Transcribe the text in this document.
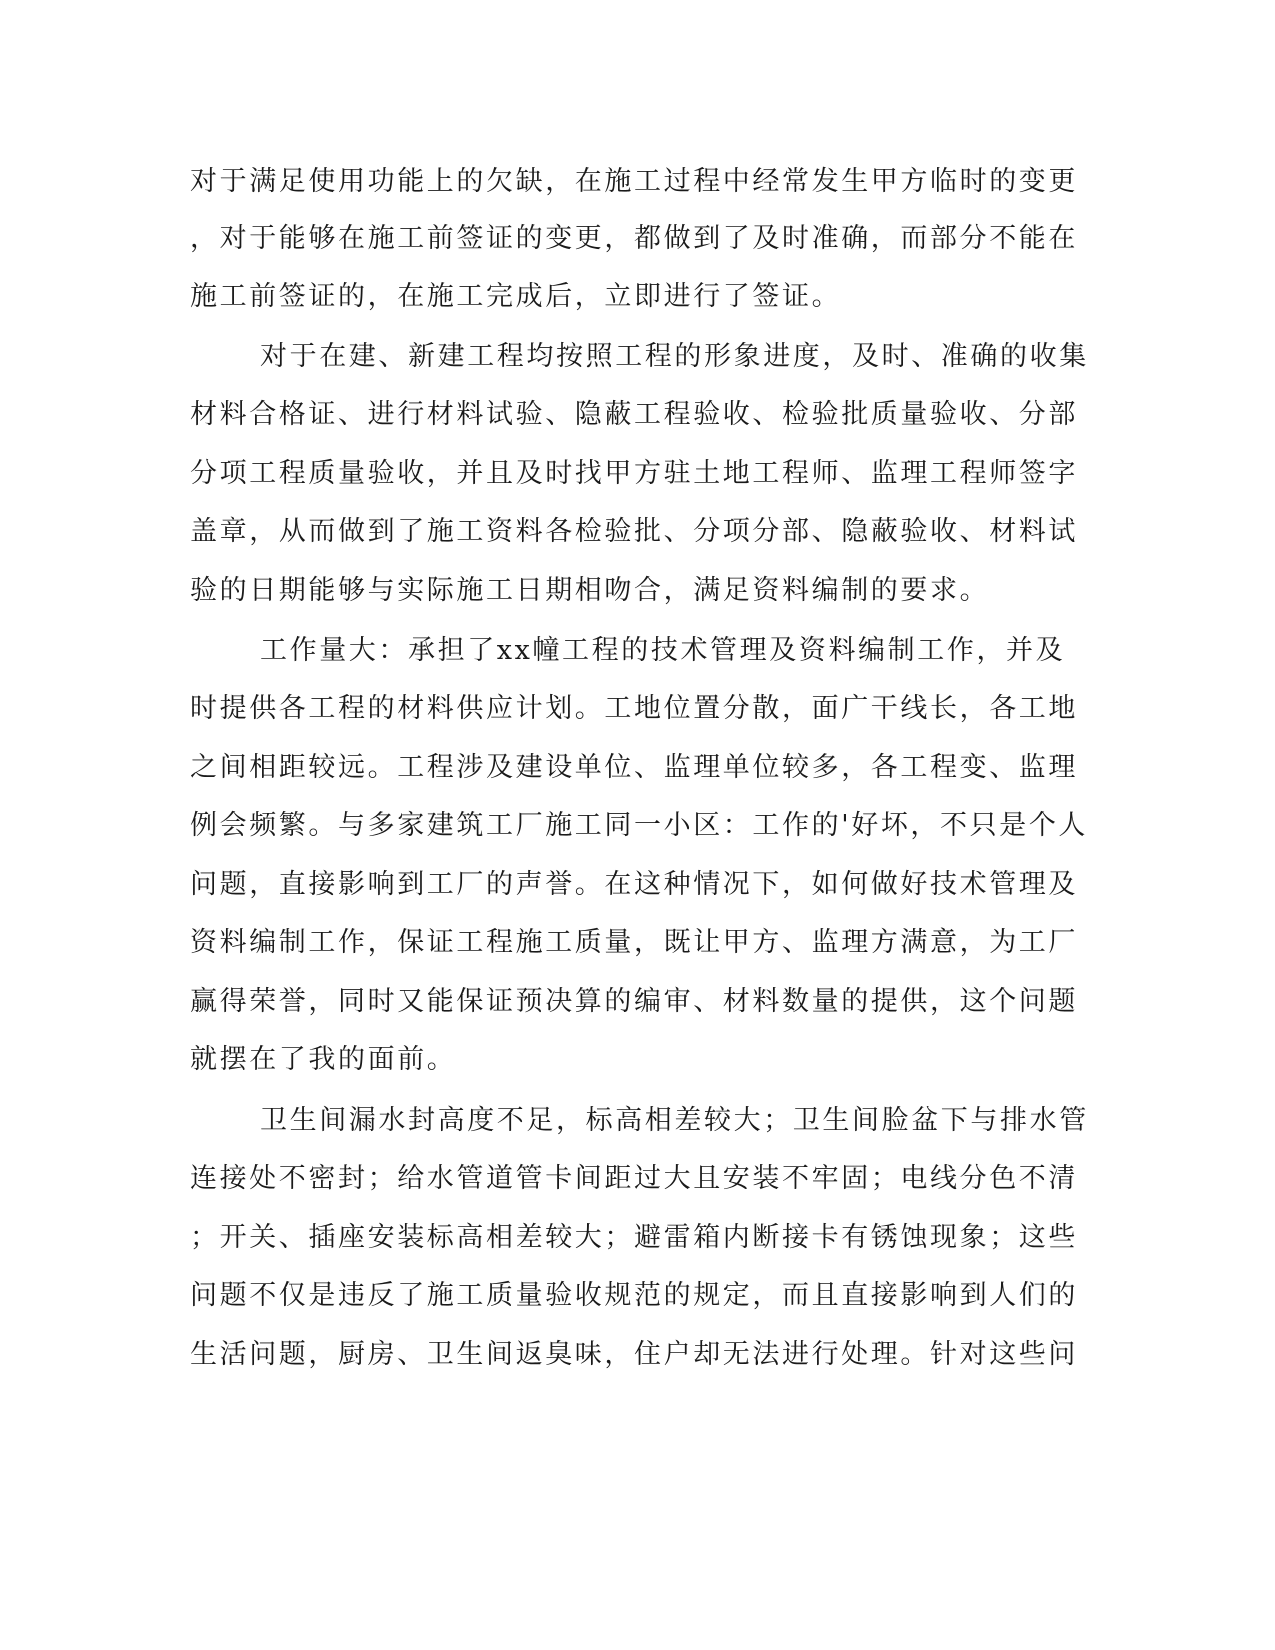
对于满足使用功能上的欠缺，在施工过程中经常发生甲方临时的变更
，对于能够在施工前签证的变更，都做到了及时准确，而部分不能在
施工前签证的，在施工完成后，立即进行了签证。
对于在建、新建工程均按照工程的形象进度，及时、准确的收集
材料合格证、进行材料试验、隐蔽工程验收、检验批质量验收、分部
分项工程质量验收，并且及时找甲方驻土地工程师、监理工程师签字
盖章，从而做到了施工资料各检验批、分项分部、隐蔽验收、材料试
验的日期能够与实际施工日期相吻合，满足资料编制的要求。
工作量大：承担了xx幢工程的技术管理及资料编制工作，并及
时提供各工程的材料供应计划。工地位置分散，面广干线长，各工地
之间相距较远。工程涉及建设单位、监理单位较多，各工程变、监理
例会频繁。与多家建筑工厂施工同一小区：工作的'好坏，不只是个人
问题，直接影响到工厂的声誉。在这种情况下，如何做好技术管理及
资料编制工作，保证工程施工质量，既让甲方、监理方满意，为工厂
赢得荣誉，同时又能保证预决算的编审、材料数量的提供，这个问题
就摆在了我的面前。
卫生间漏水封高度不足，标高相差较大；卫生间脸盆下与排水管
连接处不密封；给水管道管卡间距过大且安装不牢固；电线分色不清
；开关、插座安装标高相差较大；避雷箱内断接卡有锈蚀现象；这些
问题不仅是违反了施工质量验收规范的规定，而且直接影响到人们的
生活问题，厨房、卫生间返臭味，住户却无法进行处理。针对这些问
